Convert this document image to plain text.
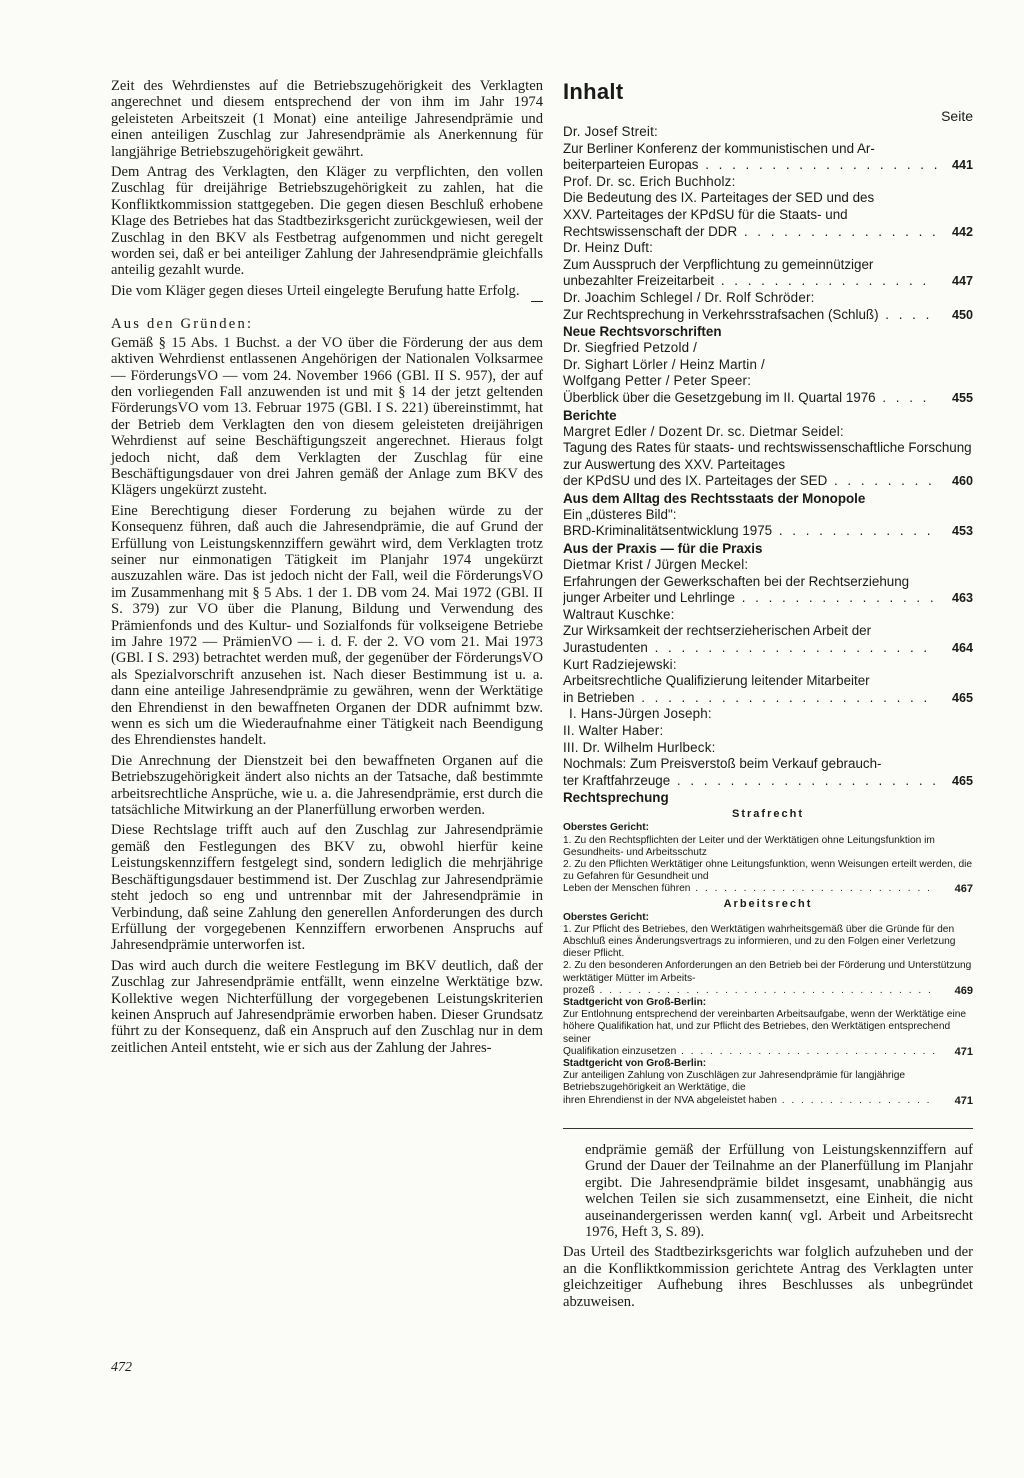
Zeit des Wehrdienstes auf die Betriebszugehörigkeit des Verklagten angerechnet und diesem entsprechend der von ihm im Jahr 1974 geleisteten Arbeitszeit (1 Monat) eine anteilige Jahresendprämie und einen anteiligen Zuschlag zur Jahresendprämie als Anerkennung für langjährige Betriebszugehörigkeit gewährt.

Dem Antrag des Verklagten, den Kläger zu verpflichten, den vollen Zuschlag für dreijährige Betriebszugehörigkeit zu zahlen, hat die Konfliktkommission stattgegeben. Die gegen diesen Beschluß erhobene Klage des Betriebes hat das Stadtbezirksgericht zurückgewiesen, weil der Zuschlag in den BKV als Festbetrag aufgenommen und nicht geregelt worden sei, daß er bei anteiliger Zahlung der Jahresendprämie gleichfalls anteilig gezahlt wurde.

Die vom Kläger gegen dieses Urteil eingelegte Berufung hatte Erfolg.

Aus den Gründen:

Gemäß § 15 Abs. 1 Buchst. a der VO über die Förderung der aus dem aktiven Wehrdienst entlassenen Angehörigen der Nationalen Volksarmee — FörderungsVO — vom 24. November 1966 (GBl. II S. 957), der auf den vorliegenden Fall anzuwenden ist und mit § 14 der jetzt geltenden FörderungsVO vom 13. Februar 1975 (GBl. I S. 221) übereinstimmt, hat der Betrieb dem Verklagten den von diesem geleisteten dreijährigen Wehrdienst auf seine Beschäftigungszeit angerechnet. Hieraus folgt jedoch nicht, daß dem Verklagten der Zuschlag für eine Beschäftigungsdauer von drei Jahren gemäß der Anlage zum BKV des Klägers ungekürzt zusteht.

Eine Berechtigung dieser Forderung zu bejahen würde zu der Konsequenz führen, daß auch die Jahresendprämie, die auf Grund der Erfüllung von Leistungskennziffern gewährt wird, dem Verklagten trotz seiner nur einmonatigen Tätigkeit im Planjahr 1974 ungekürzt auszuzahlen wäre. Das ist jedoch nicht der Fall, weil die FörderungsVO im Zusammenhang mit § 5 Abs. 1 der 1. DB vom 24. Mai 1972 (GBl. II S. 379) zur VO über die Planung, Bildung und Verwendung des Prämienfonds und des Kultur- und Sozialfonds für volkseigene Betriebe im Jahre 1972 — PrämienVO — i. d. F. der 2. VO vom 21. Mai 1973 (GBl. I S. 293) betrachtet werden muß, der gegenüber der FörderungsVO als Spezialvorschrift anzusehen ist. Nach dieser Bestimmung ist u. a. dann eine anteilige Jahresendprämie zu gewähren, wenn der Werktätige den Ehrendienst in den bewaffneten Organen der DDR aufnimmt bzw. wenn es sich um die Wiederaufnahme einer Tätigkeit nach Beendigung des Ehrendienstes handelt.

Die Anrechnung der Dienstzeit bei den bewaffneten Organen auf die Betriebszugehörigkeit ändert also nichts an der Tatsache, daß bestimmte arbeitsrechtliche Ansprüche, wie u. a. die Jahresendprämie, erst durch die tatsächliche Mitwirkung an der Planerfüllung erworben werden.

Diese Rechtslage trifft auch auf den Zuschlag zur Jahresendprämie gemäß den Festlegungen des BKV zu, obwohl hierfür keine Leistungskennziffern festgelegt sind, sondern lediglich die mehrjährige Beschäftigungsdauer bestimmend ist. Der Zuschlag zur Jahresendprämie steht jedoch so eng und untrennbar mit der Jahresendprämie in Verbindung, daß seine Zahlung den generellen Anforderungen des durch Erfüllung der vorgegebenen Kennziffern erworbenen Anspruchs auf Jahresendprämie unterworfen ist.

Das wird auch durch die weitere Festlegung im BKV deutlich, daß der Zuschlag zur Jahresendprämie entfällt, wenn einzelne Werktätige bzw. Kollektive wegen Nichterfüllung der vorgegebenen Leistungskriterien keinen Anspruch auf Jahresendprämie erworben haben. Dieser Grundsatz führt zu der Konsequenz, daß ein Anspruch auf den Zuschlag nur in dem zeitlichen Anteil entsteht, wie er sich aus der Zahlung der Jahres-

Inhalt
Seite
Dr. Josef Streit:
Zur Berliner Konferenz der kommunistischen und Ar-
beiterparteien Europas . . .	441
Prof. Dr. sc. Erich Buchholz:
Die Bedeutung des IX. Parteitages der SED und des
XXV. Parteitages der KPdSU für die Staats- und
Rechtswissenschaft der DDR . . .	442
Dr. Heinz Duft:
Zum Ausspruch der Verpflichtung zu gemeinnütziger
unbezahlter Freizeitarbeit . . .	447
Dr. Joachim Schlegel / Dr. Rolf Schröder:
Zur Rechtsprechung in Verkehrsstrafsachen (Schluß) . . .	450
Neue Rechtsvorschriften
Dr. Siegfried Petzold /
Dr. Sighart Lörler / Heinz Martin /
Wolfgang Petter / Peter Speer:
Überblick über die Gesetzgebung im II. Quartal 1976 . . .	455
Berichte
Margret Edler / Dozent Dr. sc. Dietmar Seidel:
Tagung des Rates für staats- und rechtswissenschaftliche Forschung zur Auswertung des XXV. Parteitages
der KPdSU und des IX. Parteitages der SED . . .	460
Aus dem Alltag des Rechtsstaats der Monopole
Ein „düsteres Bild":
BRD-Kriminalitätsentwicklung 1975 . . .	453
Aus der Praxis — für die Praxis
Dietmar Krist / Jürgen Meckel:
Erfahrungen der Gewerkschaften bei der Rechtserziehung
junger Arbeiter und Lehrlinge . . .	463
Waltraut Kuschke:
Zur Wirksamkeit der rechtserzieherischen Arbeit der
Jurastudenten . . .	464
Kurt Radziejewski:
Arbeitsrechtliche Qualifizierung leitender Mitarbeiter
in Betrieben . . .	465
I. Hans-Jürgen Joseph:
II. Walter Haber:
III. Dr. Wilhelm Hurlbeck:
Nochmals: Zum Preisverstoß beim Verkauf gebrauch-
ter Kraftfahrzeuge . . .	465
Rechtsprechung
Strafrecht
Oberstes Gericht:
1. Zu den Rechtspflichten der Leiter und der Werktätigen ohne Leitungsfunktion im Gesundheits- und Arbeitsschutz
2. Zu den Pflichten Werktätiger ohne Leitungsfunktion, wenn Weisungen erteilt werden, die zu Gefahren für Gesundheit und
Leben der Menschen führen . . .	467
Arbeitsrecht
Oberstes Gericht:
1. Zur Pflicht des Betriebes, den Werktätigen wahrheitsgemäß über die Gründe für den Abschluß eines Änderungsvertrags zu informieren, und zu den Folgen einer Verletzung dieser Pflicht.
2. Zu den besonderen Anforderungen an den Betrieb bei der Förderung und Unterstützung werktätiger Mütter im Arbeits-
prozeß . . .	469
Stadtgericht von Groß-Berlin:
Zur Entlohnung entsprechend der vereinbarten Arbeitsaufgabe, wenn der Werktätige eine höhere Qualifikation hat, und zur Pflicht des Betriebes, den Werktätigen entsprechend seiner
Qualifikation einzusetzen . . .	471
Stadtgericht von Groß-Berlin:
Zur anteiligen Zahlung von Zuschlägen zur Jahresendprämie für langjährige Betriebszugehörigkeit an Werktätige, die
ihren Ehrendienst in der NVA abgeleistet haben . . .	471

endprämie gemäß der Erfüllung von Leistungskennziffern auf Grund der Dauer der Teilnahme an der Planerfüllung im Planjahr ergibt. Die Jahresendprämie bildet insgesamt, unabhängig aus welchen Teilen sie sich zusammensetzt, eine Einheit, die nicht auseinandergerissen werden kann( vgl. Arbeit und Arbeitsrecht 1976, Heft 3, S. 89).

Das Urteil des Stadtbezirksgerichts war folglich aufzuheben und der an die Konfliktkommission gerichtete Antrag des Verklagten unter gleichzeitiger Aufhebung ihres Beschlusses als unbegründet abzuweisen.

472
